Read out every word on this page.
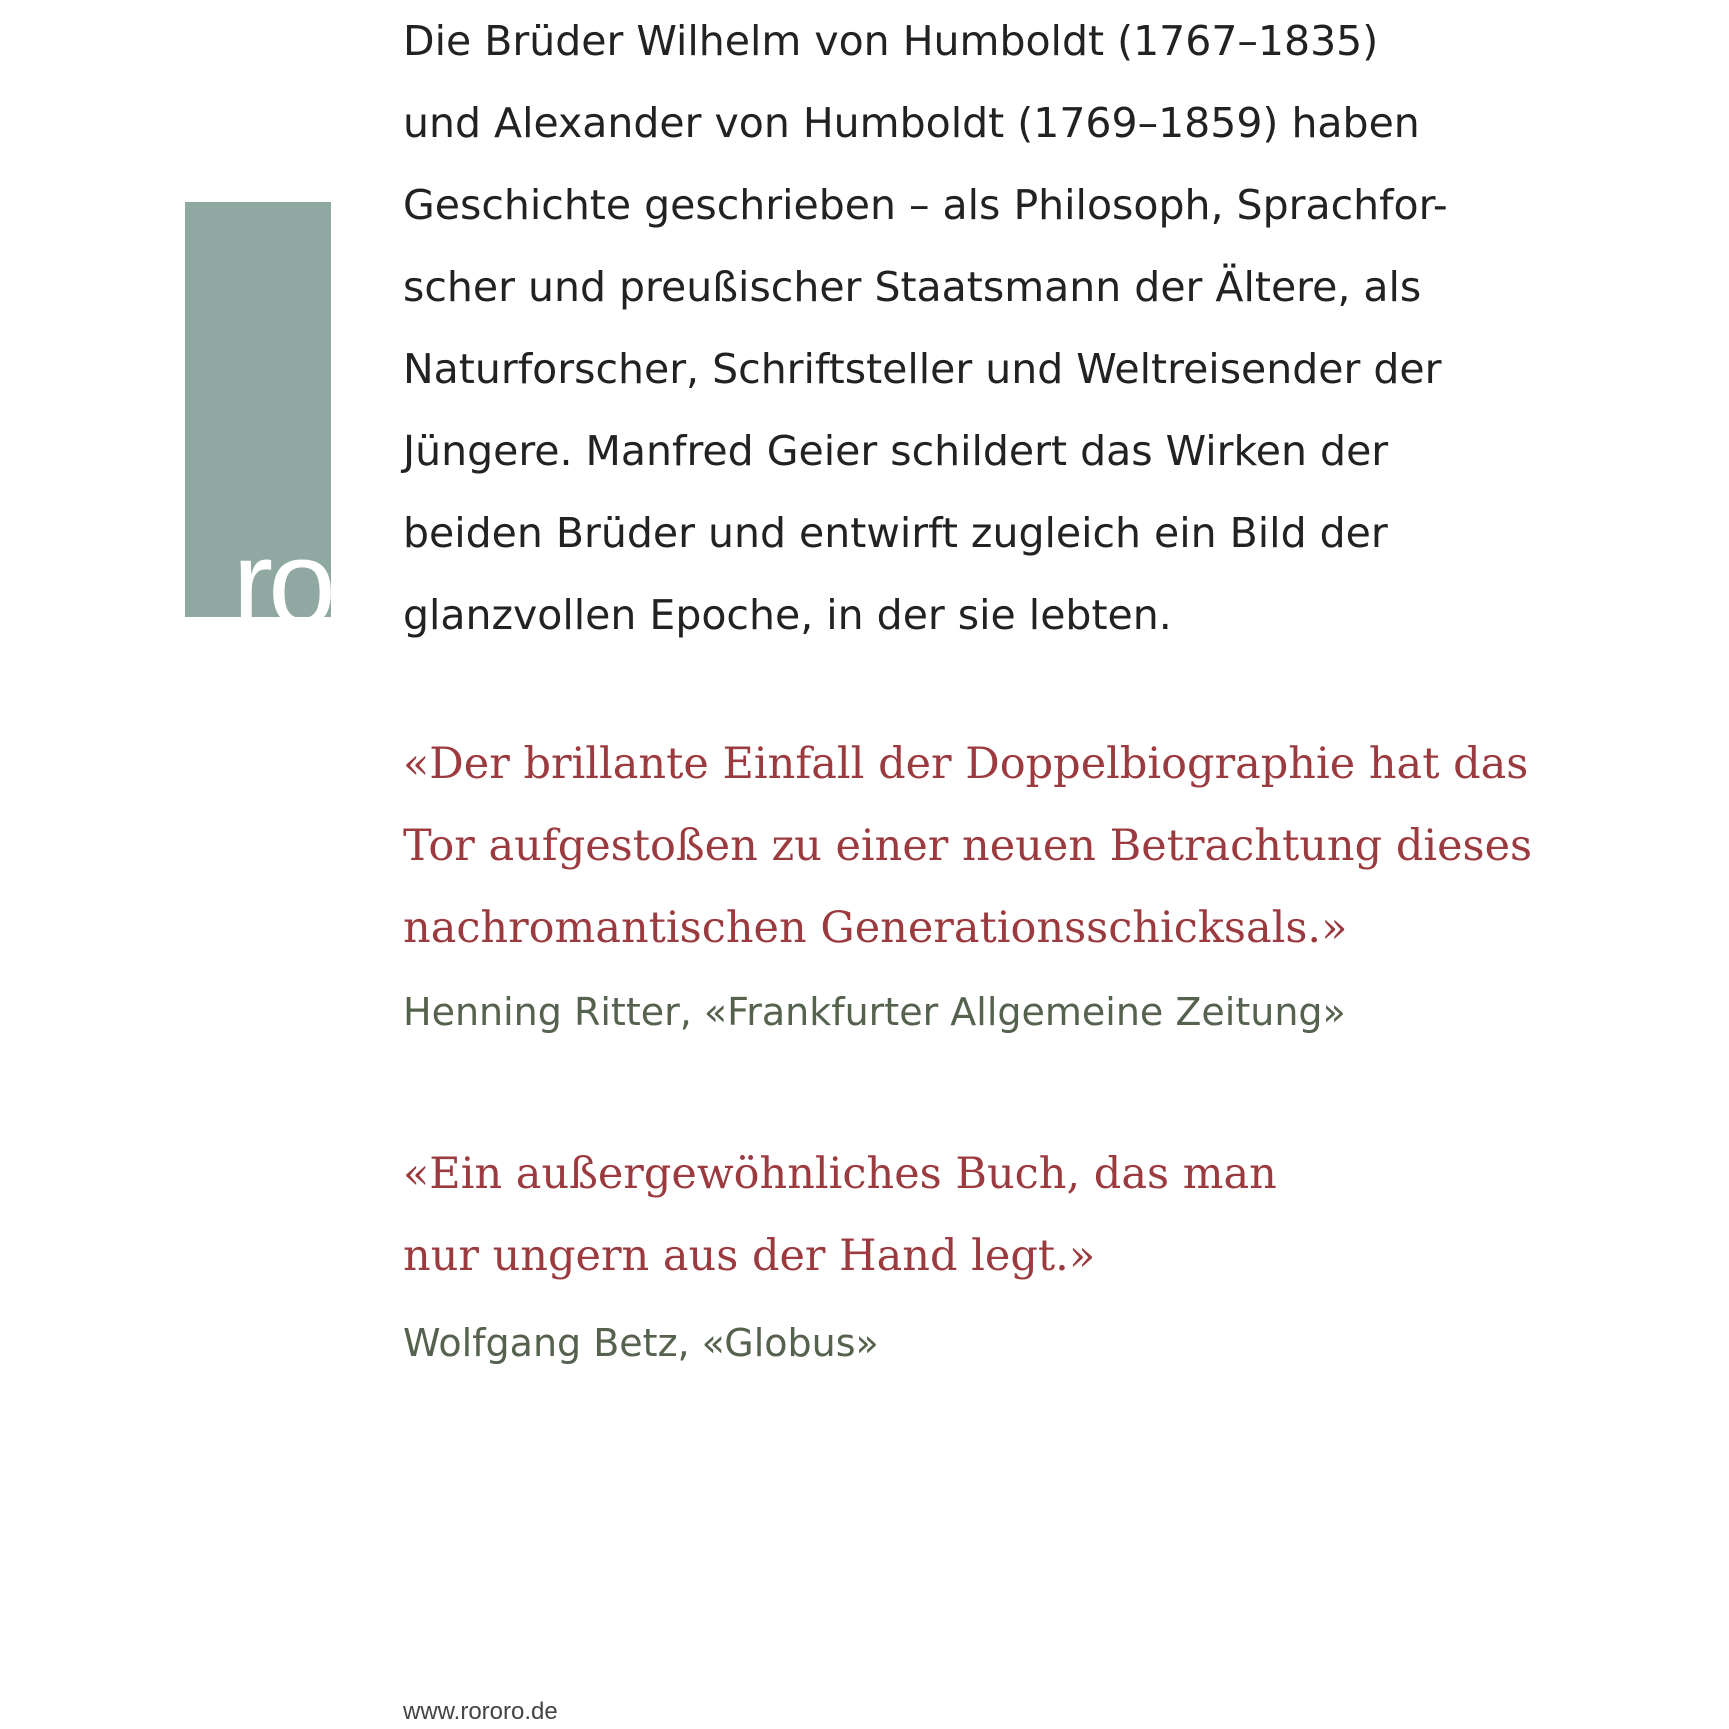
ro
ro
ro
Die Brüder Wilhelm von Humboldt (1767–1835)
und Alexander von Humboldt (1769–1859) haben
Geschichte geschrieben – als Philosoph, Sprachfor-
scher und preußischer Staatsmann der Ältere, als
Naturforscher, Schriftsteller und Weltreisender der
Jüngere. Manfred Geier schildert das Wirken der
beiden Brüder und entwirft zugleich ein Bild der
glanzvollen Epoche, in der sie lebten.
«Der brillante Einfall der Doppelbiographie hat das
Tor aufgestoßen zu einer neuen Betrachtung dieses
nachromantischen Generationsschicksals.»
Henning Ritter, «Frankfurter Allgemeine Zeitung»
«Ein außergewöhnliches Buch, das man
nur ungern aus der Hand legt.»
Wolfgang Betz, «Globus»
www.rororo.de
